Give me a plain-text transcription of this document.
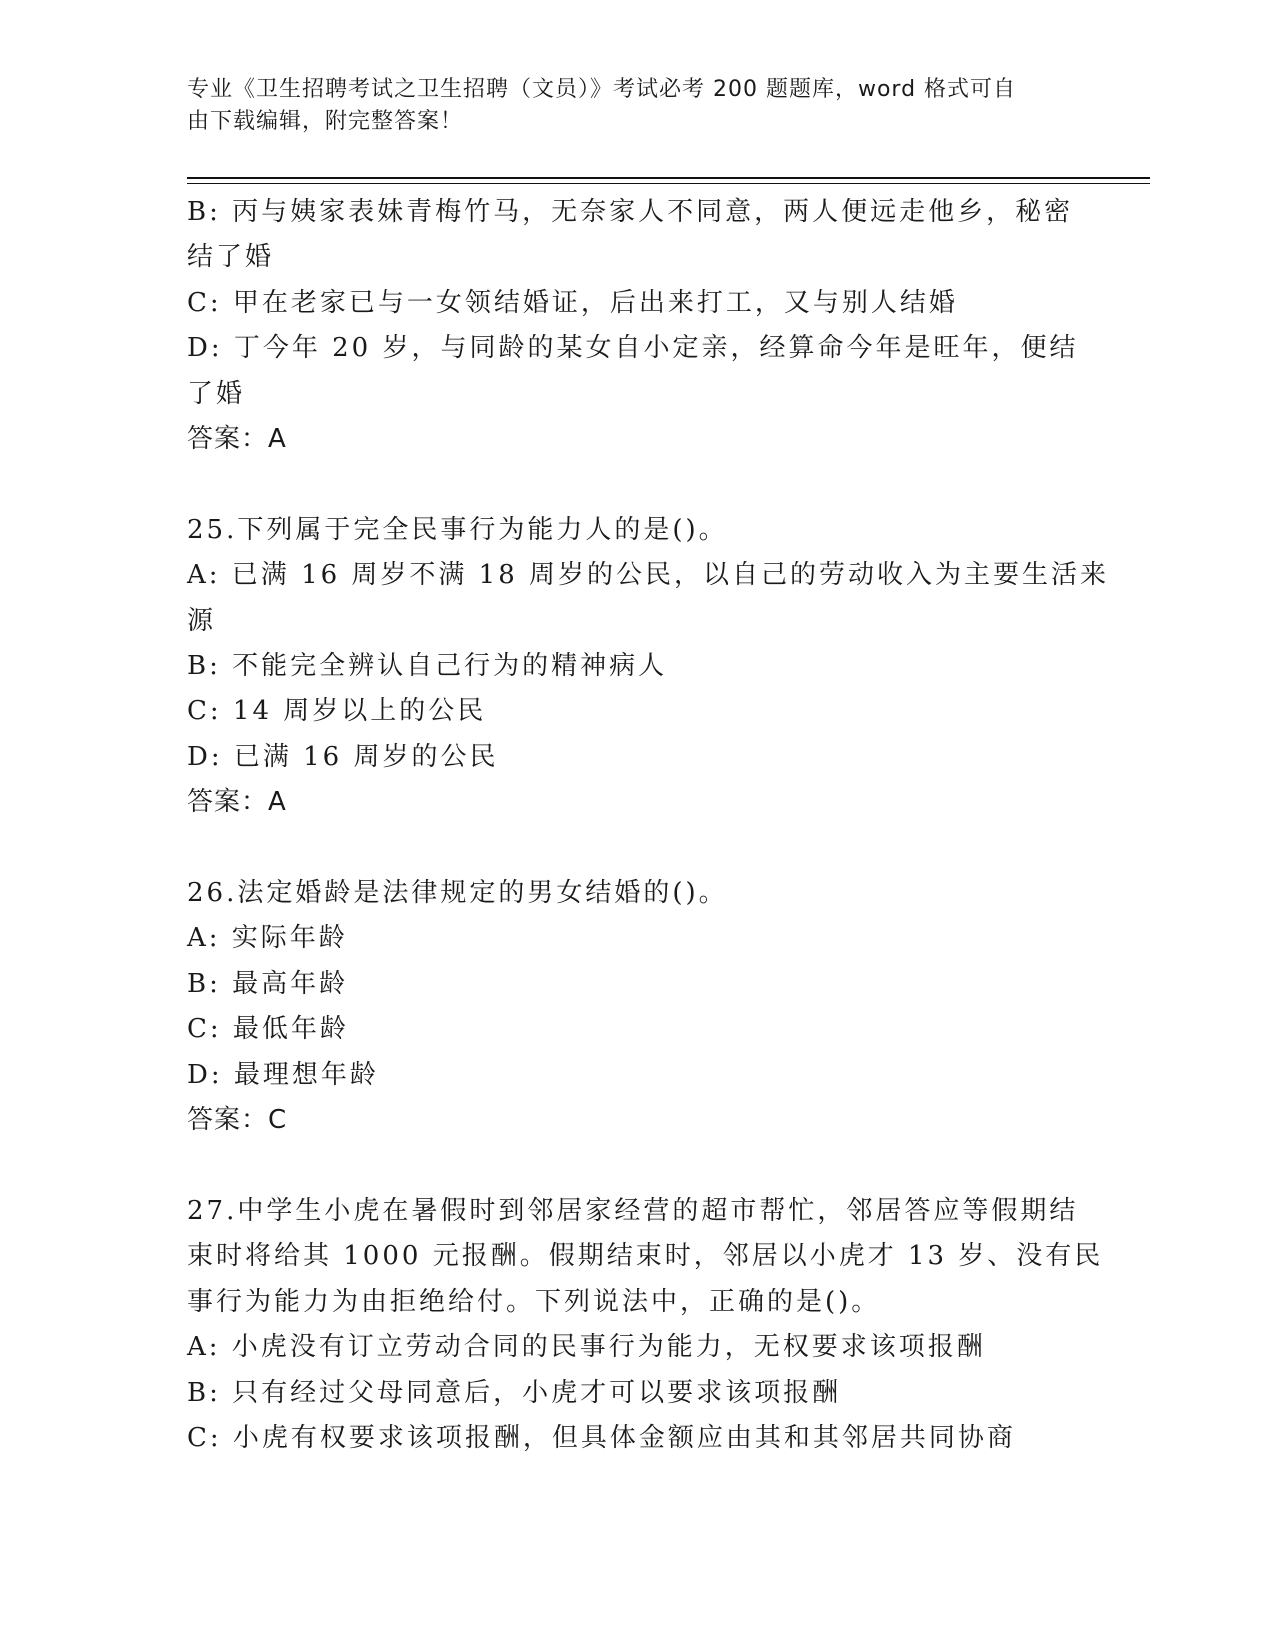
专业《卫生招聘考试之卫生招聘（文员）》考试必考 200 题题库，word 格式可自
由下载编辑，附完整答案！
B: 丙与姨家表妹青梅竹马，无奈家人不同意，两人便远走他乡，秘密
结了婚
C: 甲在老家已与一女领结婚证，后出来打工，又与别人结婚
D: 丁今年 20 岁，与同龄的某女自小定亲，经算命今年是旺年，便结
了婚
答案：A
25.下列属于完全民事行为能力人的是()。
A: 已满 16 周岁不满 18 周岁的公民，以自己的劳动收入为主要生活来
源
B: 不能完全辨认自己行为的精神病人
C: 14 周岁以上的公民
D: 已满 16 周岁的公民
答案：A
26.法定婚龄是法律规定的男女结婚的()。
A: 实际年龄
B: 最高年龄
C: 最低年龄
D: 最理想年龄
答案：C
27.中学生小虎在暑假时到邻居家经营的超市帮忙，邻居答应等假期结
束时将给其 1000 元报酬。假期结束时，邻居以小虎才 13 岁、没有民
事行为能力为由拒绝给付。下列说法中，正确的是()。
A: 小虎没有订立劳动合同的民事行为能力，无权要求该项报酬
B: 只有经过父母同意后，小虎才可以要求该项报酬
C: 小虎有权要求该项报酬，但具体金额应由其和其邻居共同协商
